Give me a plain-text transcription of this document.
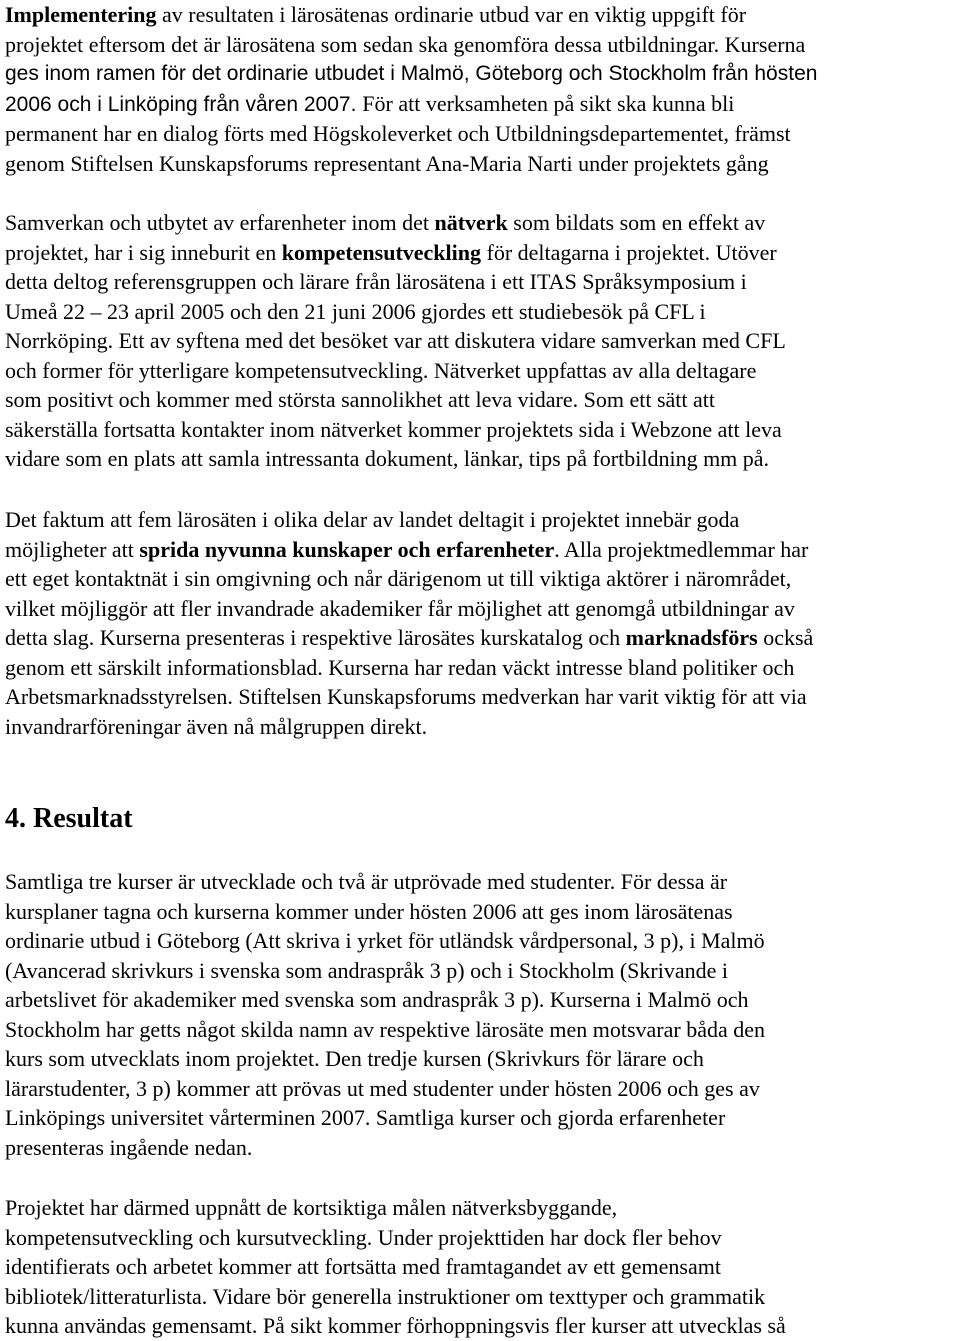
Implementering av resultaten i lärosätenas ordinarie utbud var en viktig uppgift för
projektet eftersom det är lärosätena som sedan ska genomföra dessa utbildningar. Kurserna
ges inom ramen för det ordinarie utbudet i Malmö, Göteborg och Stockholm från hösten
2006 och i Linköping från våren 2007. För att verksamheten på sikt ska kunna bli
permanent har en dialog förts med Högskoleverket och Utbildningsdepartementet, främst
genom Stiftelsen Kunskapsforums representant Ana-Maria Narti under projektets gång

Samverkan och utbytet av erfarenheter inom det nätverk som bildats som en effekt av
projektet, har i sig inneburit en kompetensutveckling för deltagarna i projektet. Utöver
detta deltog referensgruppen och lärare från lärosätena i ett ITAS Språksymposium i
Umeå 22 – 23 april 2005 och den 21 juni 2006 gjordes ett studiebesök på CFL i
Norrköping. Ett av syftena med det besöket var att diskutera vidare samverkan med CFL
och former för ytterligare kompetensutveckling. Nätverket uppfattas av alla deltagare
som positivt och kommer med största sannolikhet att leva vidare. Som ett sätt att
säkerställa fortsatta kontakter inom nätverket kommer projektets sida i Webzone att leva
vidare som en plats att samla intressanta dokument, länkar, tips på fortbildning mm på.

Det faktum att fem lärosäten i olika delar av landet deltagit i projektet innebär goda
möjligheter att sprida nyvunna kunskaper och erfarenheter. Alla projektmedlemmar har
ett eget kontaktnät i sin omgivning och når därigenom ut till viktiga aktörer i närområdet,
vilket möjliggör att fler invandrade akademiker får möjlighet att genomgå utbildningar av
detta slag. Kurserna presenteras i respektive lärosätes kurskatalog och marknadsförs också
genom ett särskilt informationsblad. Kurserna har redan väckt intresse bland politiker och
Arbetsmarknadsstyrelsen. Stiftelsen Kunskapsforums medverkan har varit viktig för att via
invandrarföreningar även nå målgruppen direkt.

4. Resultat

Samtliga tre kurser är utvecklade och två är utprövade med studenter. För dessa är
kursplaner tagna och kurserna kommer under hösten 2006 att ges inom lärosätenas
ordinarie utbud i Göteborg (Att skriva i yrket för utländsk vårdpersonal, 3 p), i Malmö
(Avancerad skrivkurs i svenska som andraspråk 3 p) och i Stockholm (Skrivande i
arbetslivet för akademiker med svenska som andraspråk 3 p). Kurserna i Malmö och
Stockholm har getts något skilda namn av respektive lärosäte men motsvarar båda den
kurs som utvecklats inom projektet. Den tredje kursen (Skrivkurs för lärare och
lärarstudenter, 3 p) kommer att prövas ut med studenter under hösten 2006 och ges av
Linköpings universitet vårterminen 2007. Samtliga kurser och gjorda erfarenheter
presenteras ingående nedan.

Projektet har därmed uppnått de kortsiktiga målen nätverksbyggande,
kompetensutveckling och kursutveckling. Under projekttiden har dock fler behov
identifierats och arbetet kommer att fortsätta med framtagandet av ett gemensamt
bibliotek/litteraturlista. Vidare bör generella instruktioner om texttyper och grammatik
kunna användas gemensamt. På sikt kommer förhoppningsvis fler kurser att utvecklas så
